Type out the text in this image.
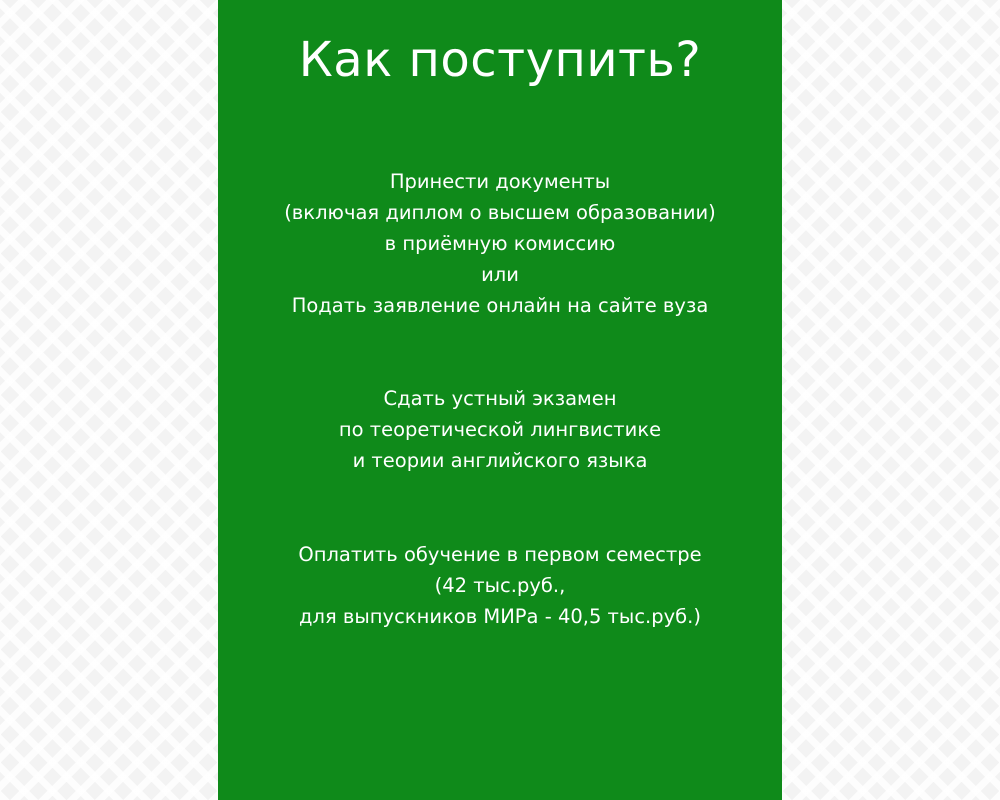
Как поступить?
Принести документы
(включая диплом о высшем образовании)
в приёмную комиссию
или
Подать заявление онлайн на сайте вуза
Сдать устный экзамен
по теоретической лингвистике
и теории английского языка
Оплатить обучение в первом семестре
(42 тыс.руб.,
для выпускников МИРа - 40,5 тыс.руб.)
